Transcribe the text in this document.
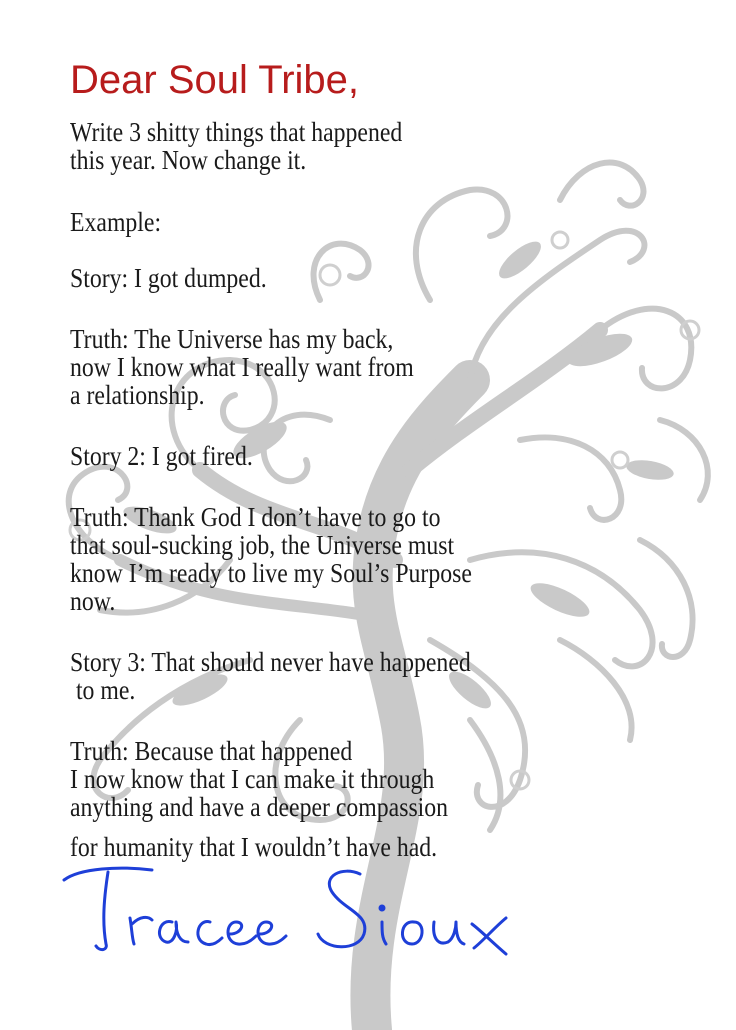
Dear Soul Tribe,
Write 3 shitty things that happened
this year. Now change it.
Example:
Story: I got dumped.
Truth: The Universe has my back,
now I know what I really want from
a relationship.
Story 2: I got fired.
Truth: Thank God I don’t have to go to
that soul-sucking job, the Universe must
know I’m ready to live my Soul’s Purpose
now.
Story 3: That should never have happened
to me.
Truth: Because that happened
I now know that I can make it through
anything and have a deeper compassion
for humanity that I wouldn’t have had.
